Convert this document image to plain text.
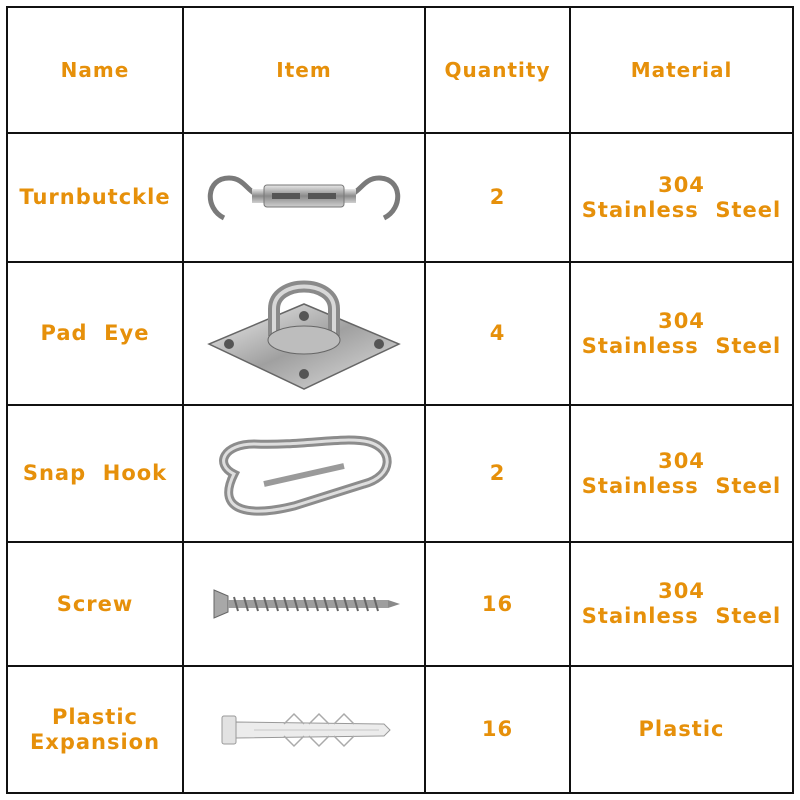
Name	Item	Quantity	Material

Turnbutckle		2	304
Stainless  Steel

Pad  Eye		4	304
Stainless  Steel

Snap  Hook		2	304
Stainless  Steel

Screw		16	304
Stainless  Steel

Plastic
Expansion		16	Plastic
